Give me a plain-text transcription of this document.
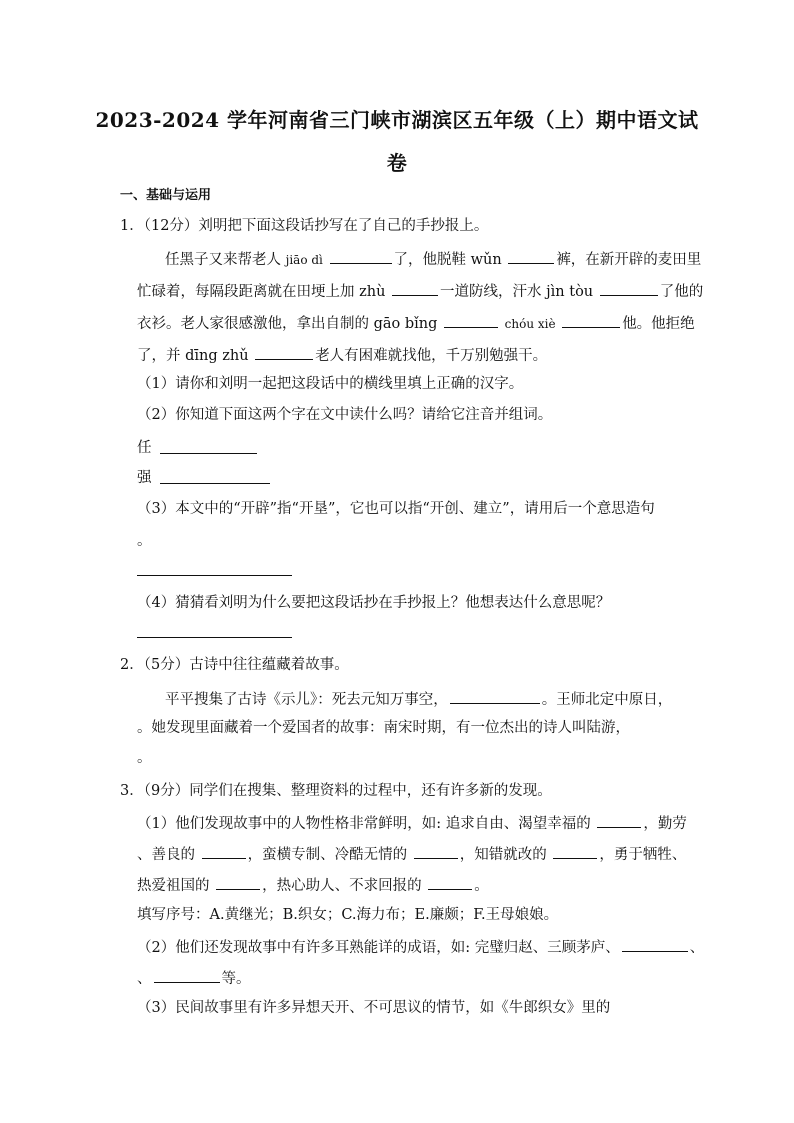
2023-2024 学年河南省三门峡市湖滨区五年级（上）期中语文试
卷
一、基础与运用
1．（12分）刘明把下面这段话抄写在了自己的手抄报上。
任黑子又来帮老人 jiāo dì	了，他脱鞋 wǔn	裤，在新开辟的麦田里
忙碌着，每隔段距离就在田埂上加 zhù	一道防线，汗水 jìn tòu	了他的
衣衫。老人家很感激他，拿出自制的 gāo bǐng	chóu xiè	他。他拒绝
了，并 dīng zhǔ	老人有困难就找他，千万别勉强干。
（1）请你和刘明一起把这段话中的横线里填上正确的汉字。
（2）你知道下面这两个字在文中读什么吗？请给它注音并组词。
任
强
（3）本文中的“开辟”指“开垦”，它也可以指“开创、建立”，请用后一个意思造句
。
（4）猜猜看刘明为什么要把这段话抄在手抄报上？他想表达什么意思呢？
2．（5分）古诗中往往蕴藏着故事。
平平搜集了古诗《示儿》：死去元知万事空，	。王师北定中原日，
。她发现里面藏着一个爱国者的故事：南宋时期，有一位杰出的诗人叫陆游，
。
3．（9分）同学们在搜集、整理资料的过程中，还有许多新的发现。
（1）他们发现故事中的人物性格非常鲜明，如: 追求自由、渴望幸福的	，勤劳
、善良的	，蛮横专制、冷酷无情的	，知错就改的	，勇于牺牲、
热爱祖国的	，热心助人、不求回报的	。
填写序号：A.黄继光；B.织女；C.海力布；E.廉颇；F.王母娘娘。
（2）他们还发现故事中有许多耳熟能详的成语，如: 完璧归赵、三顾茅庐、	、
、	等。
（3）民间故事里有许多异想天开、不可思议的情节，如《牛郎织女》里的
